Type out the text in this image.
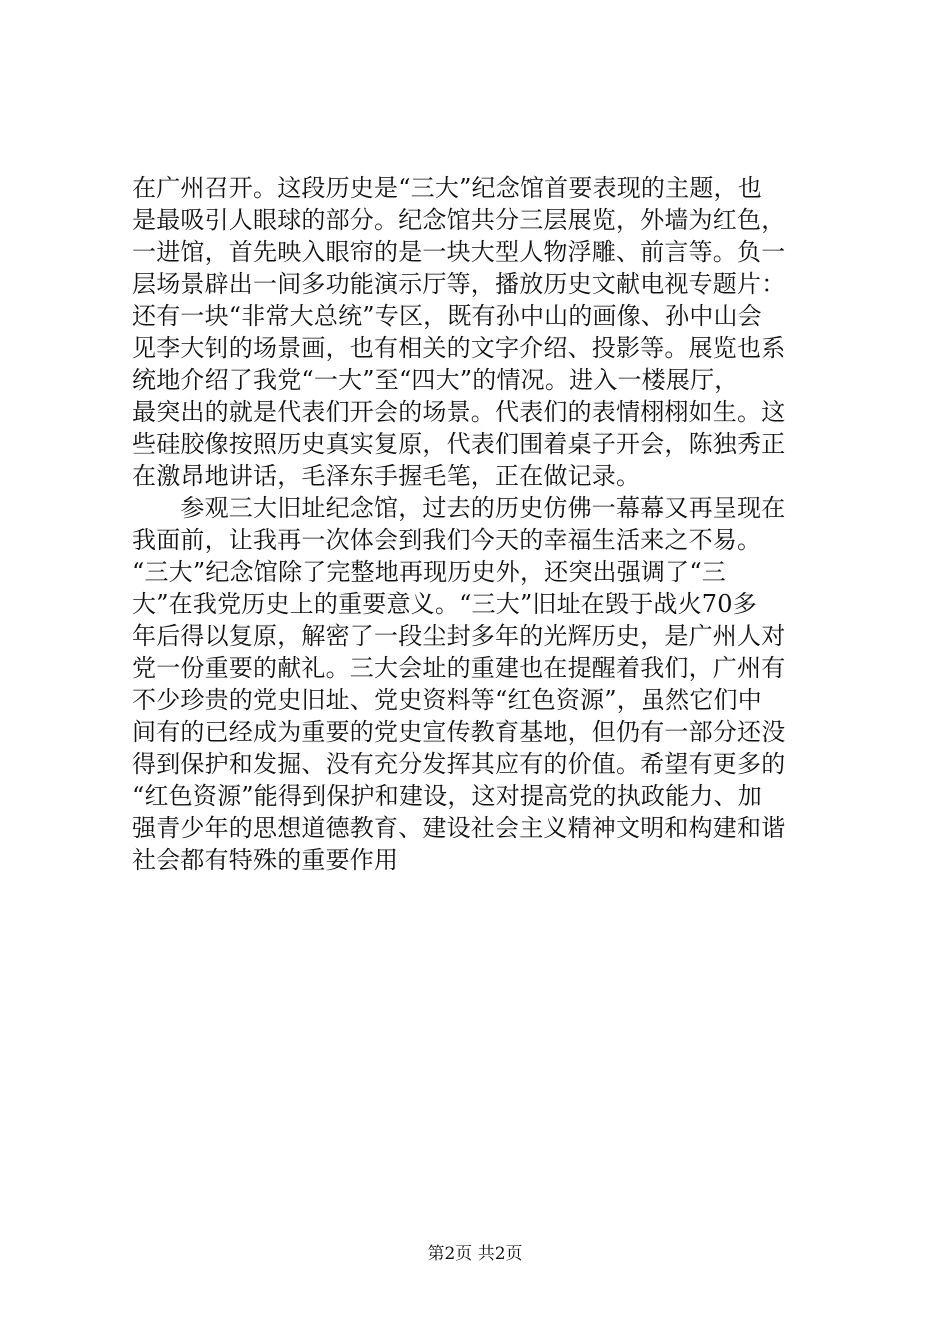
在广州召开。这段历史是“三大”纪念馆首要表现的主题，也
是最吸引人眼球的部分。纪念馆共分三层展览，外墙为红色，
一进馆，首先映入眼帘的是一块大型人物浮雕、前言等。负一
层场景辟出一间多功能演示厅等，播放历史文献电视专题片：
还有一块“非常大总统”专区，既有孙中山的画像、孙中山会
见李大钊的场景画，也有相关的文字介绍、投影等。展览也系
统地介绍了我党“一大”至“四大”的情况。进入一楼展厅，
最突出的就是代表们开会的场景。代表们的表情栩栩如生。这
些硅胶像按照历史真实复原，代表们围着桌子开会，陈独秀正
在激昂地讲话，毛泽东手握毛笔，正在做记录。
　　参观三大旧址纪念馆，过去的历史仿佛一幕幕又再呈现在
我面前，让我再一次体会到我们今天的幸福生活来之不易。
“三大”纪念馆除了完整地再现历史外，还突出强调了“三
大”在我党历史上的重要意义。“三大”旧址在毁于战火70多
年后得以复原，解密了一段尘封多年的光辉历史，是广州人对
党一份重要的献礼。三大会址的重建也在提醒着我们，广州有
不少珍贵的党史旧址、党史资料等“红色资源”，虽然它们中
间有的已经成为重要的党史宣传教育基地，但仍有一部分还没
得到保护和发掘、没有充分发挥其应有的价值。希望有更多的
“红色资源”能得到保护和建设，这对提高党的执政能力、加
强青少年的思想道德教育、建设社会主义精神文明和构建和谐
社会都有特殊的重要作用
第2页 共2页
